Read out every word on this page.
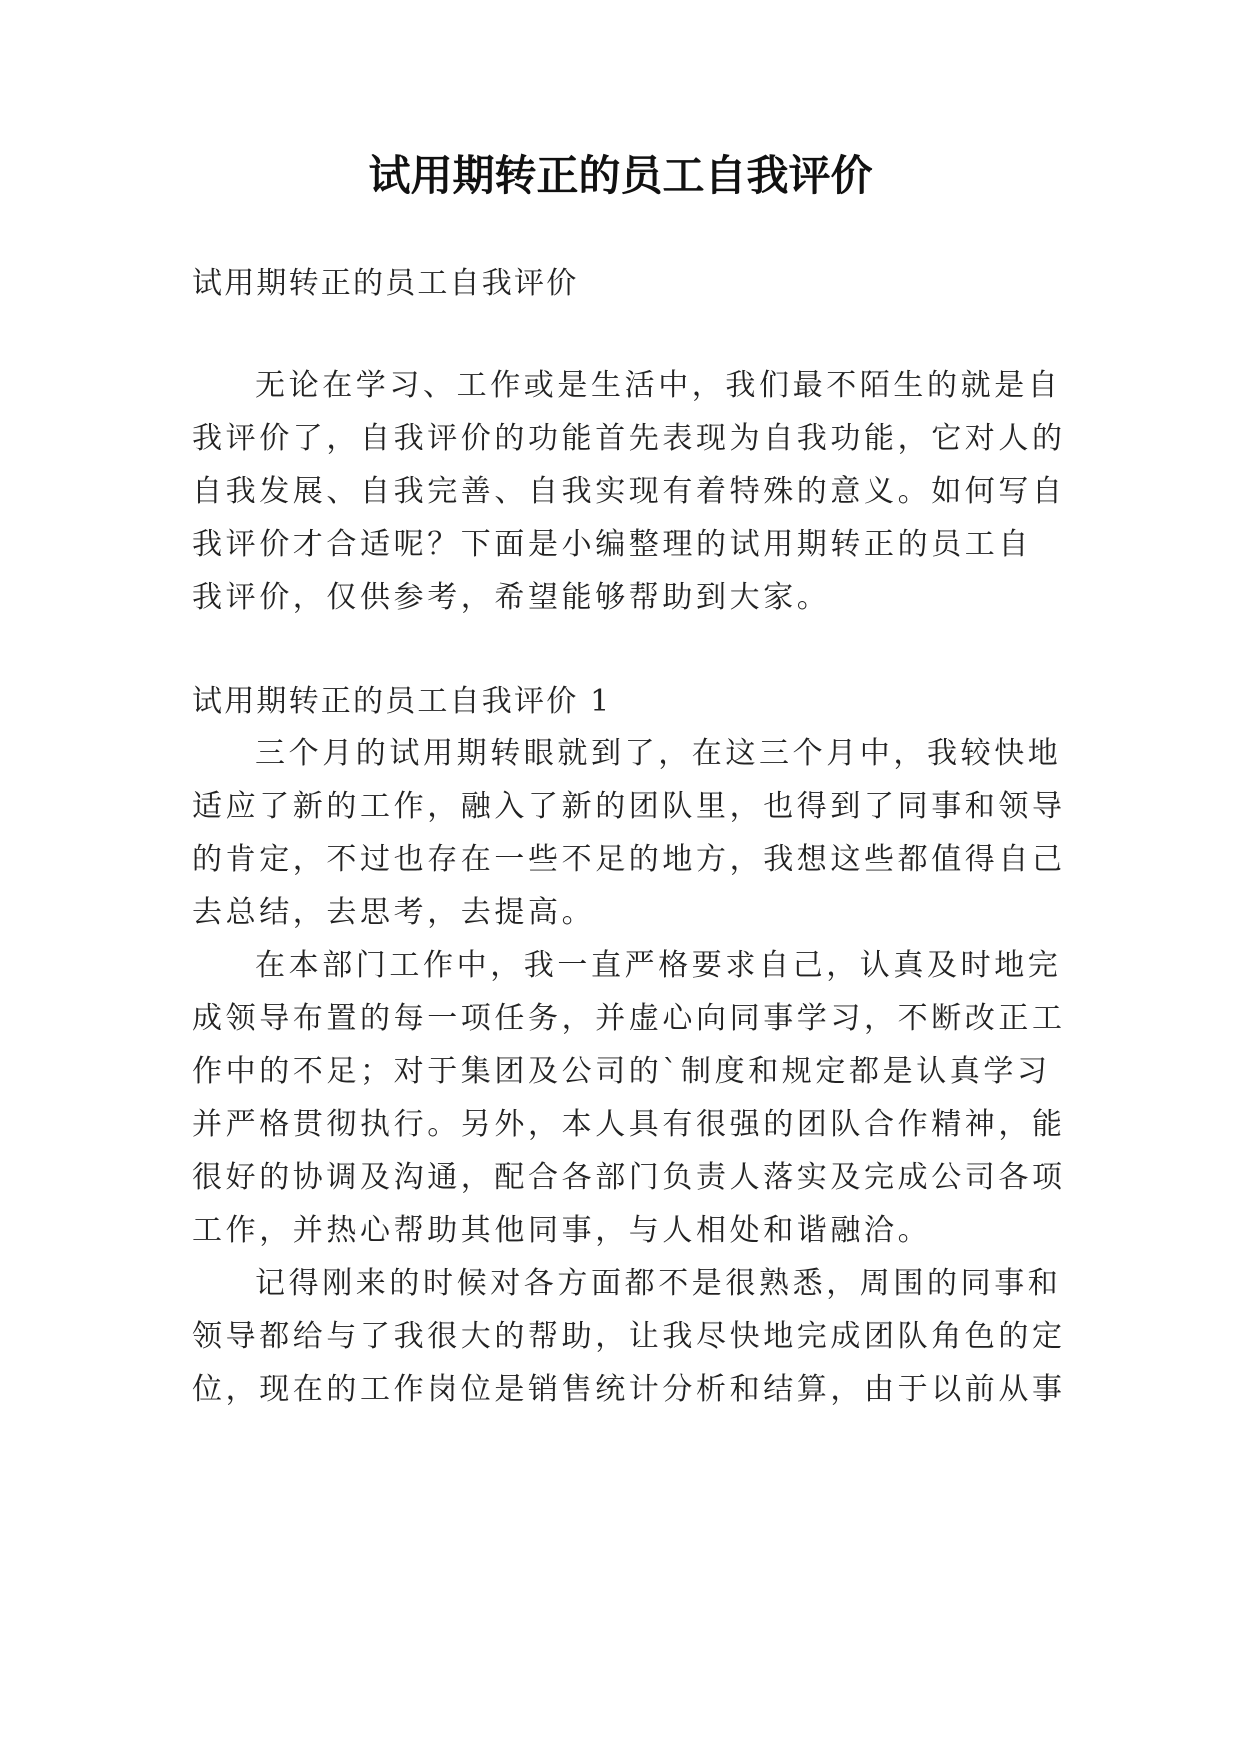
试用期转正的员工自我评价
试用期转正的员工自我评价
无论在学习、工作或是生活中，我们最不陌生的就是自
我评价了，自我评价的功能首先表现为自我功能，它对人的
自我发展、自我完善、自我实现有着特殊的意义。如何写自
我评价才合适呢？下面是小编整理的试用期转正的员工自
我评价，仅供参考，希望能够帮助到大家。
试用期转正的员工自我评价 1
三个月的试用期转眼就到了，在这三个月中，我较快地
适应了新的工作，融入了新的团队里，也得到了同事和领导
的肯定，不过也存在一些不足的地方，我想这些都值得自己
去总结，去思考，去提高。
在本部门工作中，我一直严格要求自己，认真及时地完
成领导布置的每一项任务，并虚心向同事学习，不断改正工
作中的不足；对于集团及公司的`制度和规定都是认真学习
并严格贯彻执行。另外，本人具有很强的团队合作精神，能
很好的协调及沟通，配合各部门负责人落实及完成公司各项
工作，并热心帮助其他同事，与人相处和谐融洽。
记得刚来的时候对各方面都不是很熟悉，周围的同事和
领导都给与了我很大的帮助，让我尽快地完成团队角色的定
位，现在的工作岗位是销售统计分析和结算，由于以前从事
